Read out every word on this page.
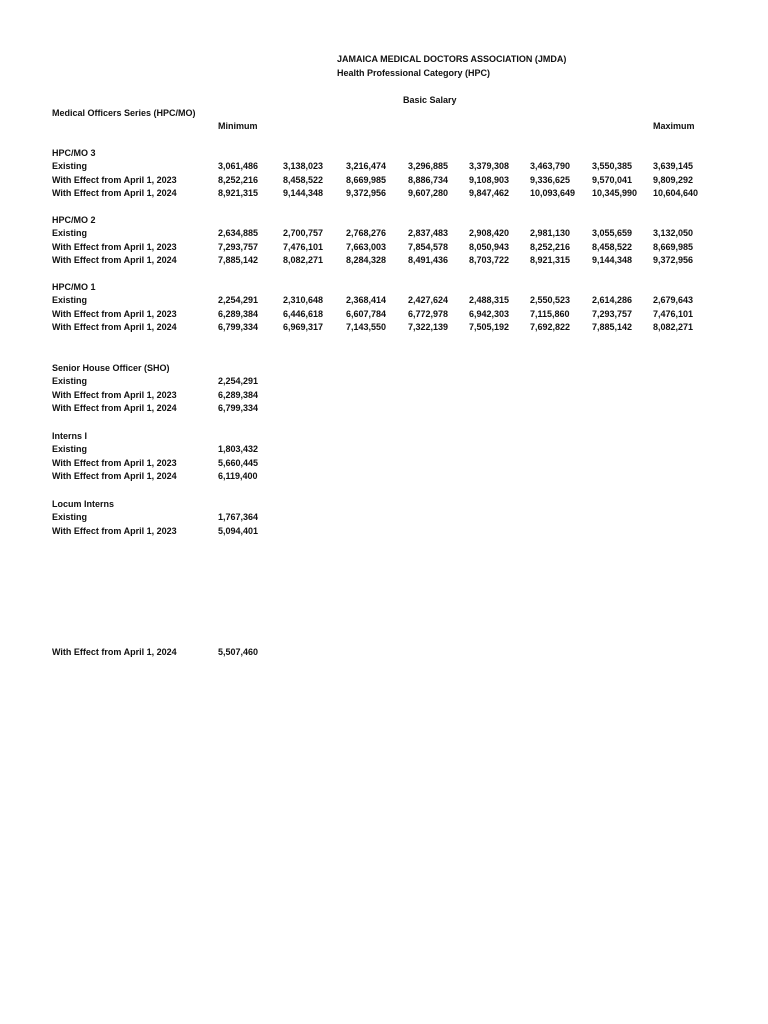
JAMAICA MEDICAL DOCTORS ASSOCIATION (JMDA)
Health Professional Category (HPC)
Basic Salary
Medical Officers Series (HPC/MO)
Minimum	Maximum
HPC/MO 3
Existing	3,061,486	3,138,023	3,216,474 3,296,885 3,379,308 3,463,790 3,550,385 3,639,145
With Effect from April 1, 2023	8,252,216	8,458,522	8,669,985 8,886,734 9,108,903 9,336,625 9,570,041 9,809,292
With Effect from April 1, 2024	8,921,315	9,144,348	9,372,956 9,607,280 9,847,462 10,093,649 10,345,990 10,604,640
HPC/MO 2
Existing	2,634,885	2,700,757	2,768,276 2,837,483 2,908,420 2,981,130 3,055,659 3,132,050
With Effect from April 1, 2023	7,293,757	7,476,101	7,663,003 7,854,578 8,050,943 8,252,216 8,458,522 8,669,985
With Effect from April 1, 2024	7,885,142	8,082,271	8,284,328 8,491,436 8,703,722 8,921,315 9,144,348 9,372,956
HPC/MO 1
Existing	2,254,291	2,310,648	2,368,414 2,427,624 2,488,315 2,550,523 2,614,286 2,679,643
With Effect from April 1, 2023	6,289,384	6,446,618	6,607,784 6,772,978 6,942,303 7,115,860 7,293,757 7,476,101
With Effect from April 1, 2024	6,799,334	6,969,317	7,143,550 7,322,139 7,505,192 7,692,822 7,885,142 8,082,271
Senior House Officer (SHO)
Existing	2,254,291
With Effect from April 1, 2023	6,289,384
With Effect from April 1, 2024	6,799,334
Interns I
Existing	1,803,432
With Effect from April 1, 2023	5,660,445
With Effect from April 1, 2024	6,119,400
Locum Interns
Existing	1,767,364
With Effect from April 1, 2023	5,094,401
With Effect from April 1, 2024	5,507,460
